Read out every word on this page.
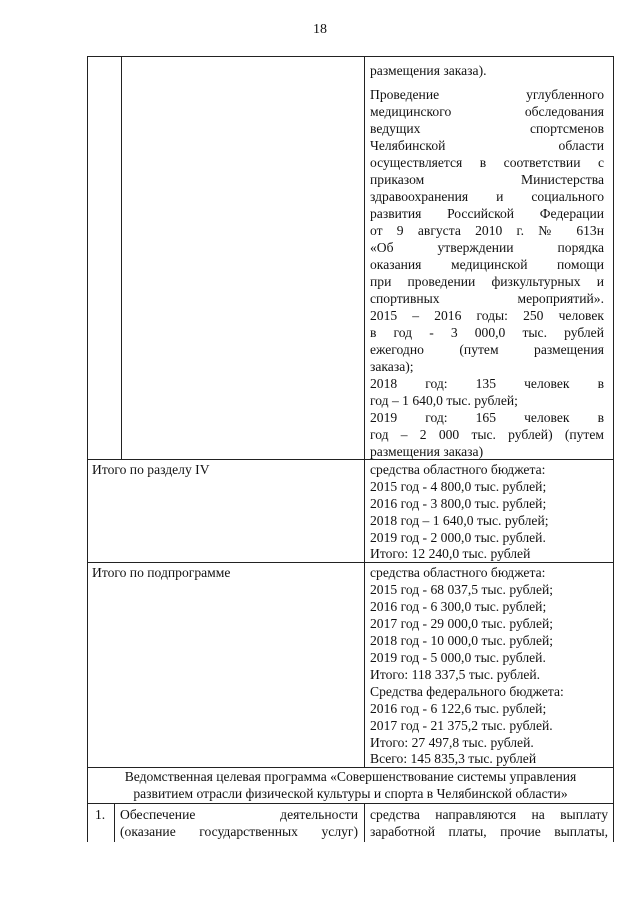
18
размещения заказа).
Проведение углубленного
медицинского обследования
ведущих спортсменов
Челябинской области
осуществляется в соответствии с
приказом Министерства
здравоохранения и социального
развития Российской Федерации
от 9 августа 2010 г. № 613н
«Об утверждении порядка
оказания медицинской помощи
при проведении физкультурных и
спортивных мероприятий».
2015 – 2016 годы: 250 человек
в год - 3 000,0 тыс. рублей
ежегодно (путем размещения
заказа);
2018 год: 135 человек в
год – 1 640,0 тыс. рублей;
2019 год: 165 человек в
год – 2 000 тыс. рублей) (путем
размещения заказа)
Итого по разделу IV	средства областного бюджета:
2015 год - 4 800,0 тыс. рублей;
2016 год - 3 800,0 тыс. рублей;
2018 год – 1 640,0 тыс. рублей;
2019 год - 2 000,0 тыс. рублей.
Итого: 12 240,0 тыс. рублей
Итого по подпрограмме	средства областного бюджета:
2015 год - 68 037,5 тыс. рублей;
2016 год - 6 300,0 тыс. рублей;
2017 год - 29 000,0 тыс. рублей;
2018 год - 10 000,0 тыс. рублей;
2019 год - 5 000,0 тыс. рублей.
Итого: 118 337,5 тыс. рублей.
Средства федерального бюджета:
2016 год - 6 122,6 тыс. рублей;
2017 год - 21 375,2 тыс. рублей.
Итого: 27 497,8 тыс. рублей.
Всего: 145 835,3 тыс. рублей
Ведомственная целевая программа «Совершенствование системы управления
развитием отрасли физической культуры и спорта в Челябинской области»
1. Обеспечение деятельности
(оказание государственных услуг)
средства направляются на выплату
заработной платы, прочие выплаты,
